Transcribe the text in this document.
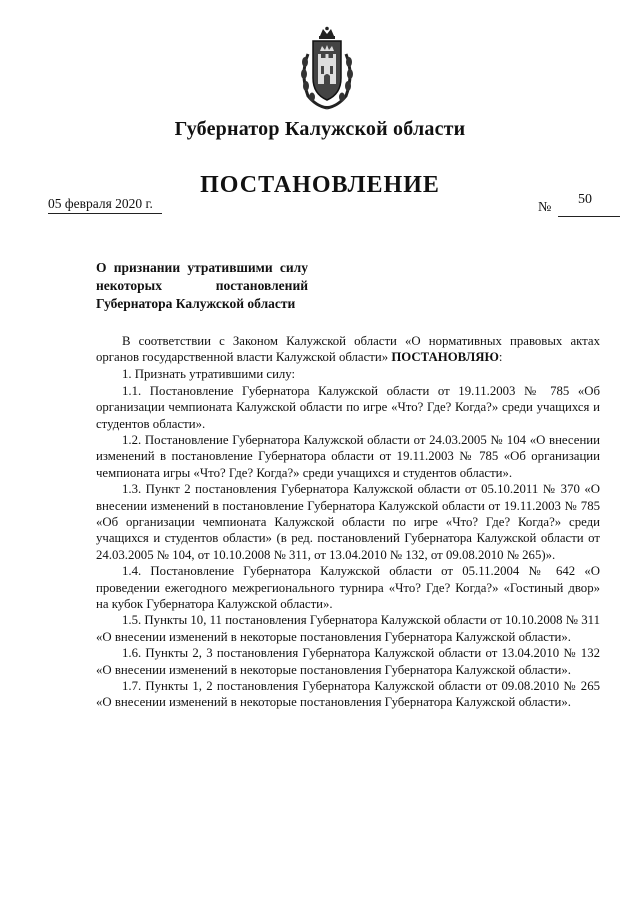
Губернатор Калужской области
ПОСТАНОВЛЕНИЕ
05 февраля 2020 г.	№
50
О признании утратившими силу
некоторых постановлений
Губернатора Калужской области

В соответствии с Законом Калужской области «О нормативных правовых актах органов государственной власти Калужской области» ПОСТАНОВЛЯЮ:

1. Признать утратившими силу:

1.1. Постановление Губернатора Калужской области от 19.11.2003 № 785 «Об организации чемпионата Калужской области по игре «Что? Где? Когда?» среди учащихся и студентов области».

1.2. Постановление Губернатора Калужской области от 24.03.2005 № 104 «О внесении изменений в постановление Губернатора области от 19.11.2003 № 785 «Об организации чемпионата игры «Что? Где? Когда?» среди учащихся и студентов области».

1.3. Пункт 2 постановления Губернатора Калужской области от 05.10.2011 № 370 «О внесении изменений в постановление Губернатора Калужской области от 19.11.2003 № 785 «Об организации чемпионата Калужской области по игре «Что? Где? Когда?» среди учащихся и студентов области» (в ред. постановлений Губернатора Калужской области от 24.03.2005 № 104, от 10.10.2008 № 311, от 13.04.2010 № 132, от 09.08.2010 № 265)».

1.4. Постановление Губернатора Калужской области от 05.11.2004 № 642 «О проведении ежегодного межрегионального турнира «Что? Где? Когда?» «Гостиный двор» на кубок Губернатора Калужской области».

1.5. Пункты 10, 11 постановления Губернатора Калужской области от 10.10.2008 № 311 «О внесении изменений в некоторые постановления Губернатора Калужской области».

1.6. Пункты 2, 3 постановления Губернатора Калужской области от 13.04.2010 № 132 «О внесении изменений в некоторые постановления Губернатора Калужской области».

1.7. Пункты 1, 2 постановления Губернатора Калужской области от 09.08.2010 № 265 «О внесении изменений в некоторые постановления Губернатора Калужской области».
